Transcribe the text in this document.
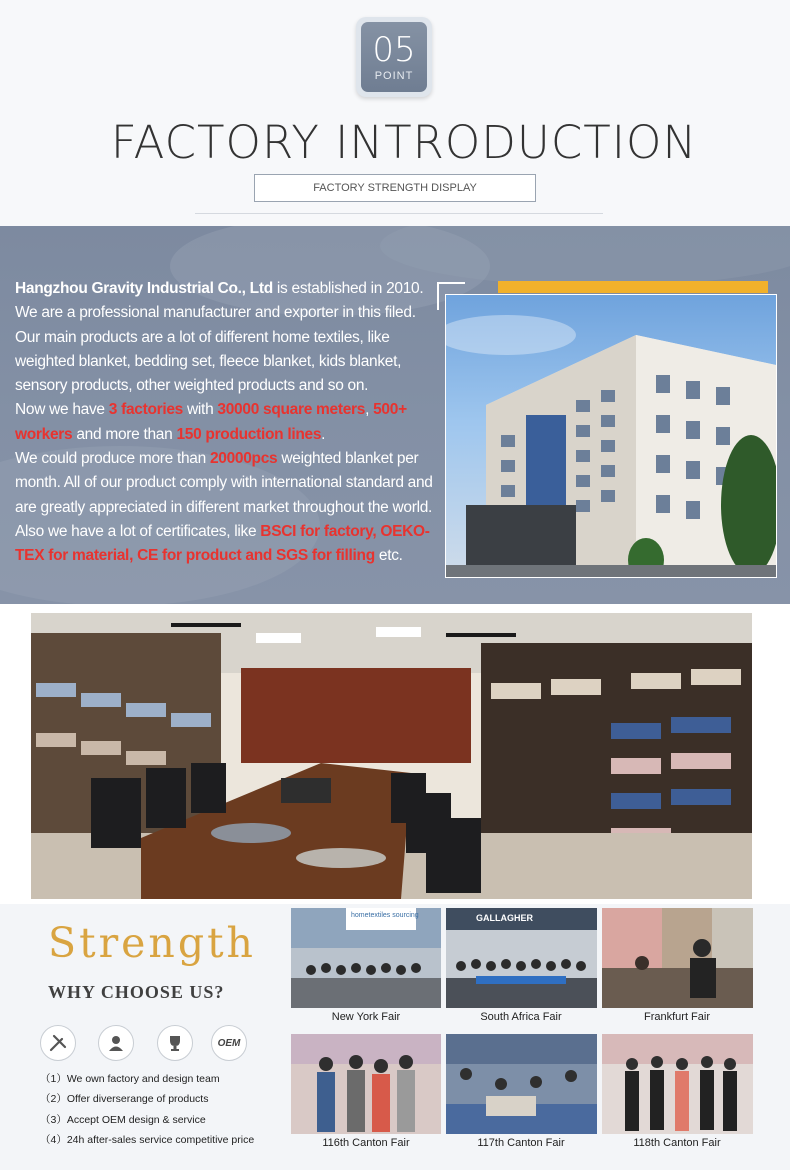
05
POINT
FACTORY INTRODUCTION
FACTORY STRENGTH DISPLAY
Hangzhou Gravity Industrial Co., Ltd is established in 2010.
We are a professional manufacturer and exporter in this filed.
Our main products are a lot of different home textiles, like weighted blanket, bedding set, fleece blanket, kids blanket, sensory products, other weighted products and so on.
Now we have 3 factories with 30000 square meters, 500+ workers and more than 150 production lines.
We could produce more than 20000pcs weighted blanket per month. All of our product comply with international standard and are greatly appreciated in different market throughout the world.
Also we have a lot of certificates, like BSCI for factory, OEKO-TEX for material, CE for product and SGS for filling etc.
Strength
WHY CHOOSE US?
OEM
（1）We own factory and design team
（2）Offer diverserange of products
（3）Accept OEM design & service
（4）24h after-sales service competitive price
hometextiles sourcing
New York Fair
GALLAGHER
South Africa Fair	Frankfurt Fair
116th Canton Fair	117th Canton Fair	118th Canton Fair
